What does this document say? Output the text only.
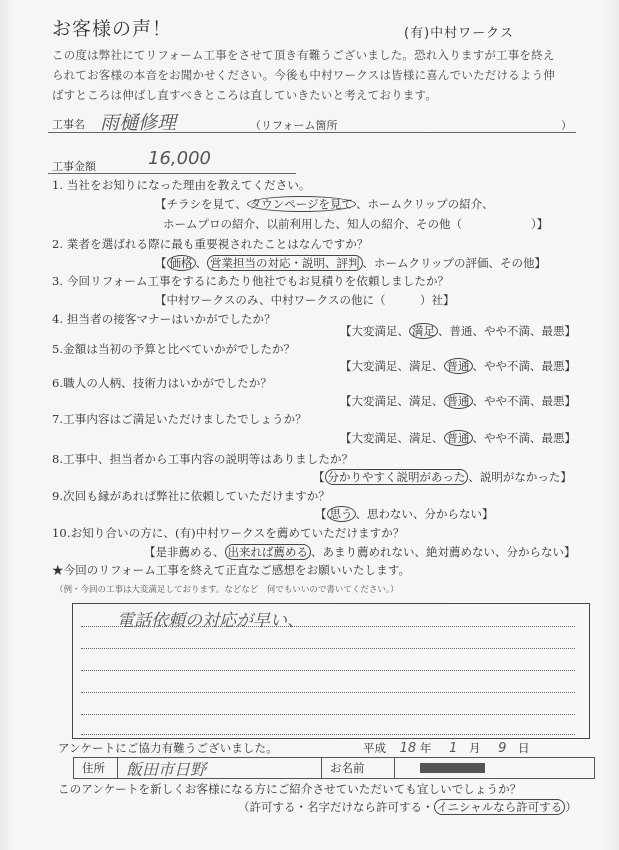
お客様の声！	(有)中村ワークス
この度は弊社にてリフォーム工事をさせて頂き有難うございました。恐れ入りますが工事を終え
られてお客様の本音をお聞かせください。今後も中村ワークスは皆様に喜んでいただけるよう伸
ばすところは伸ばし直すべきところは直していきたいと考えております。
工事名 雨樋修理	（リフォーム箇所	）
工事金額	16,000
1. 当社をお知りになった理由を教えてください。
【チラシを見て、 タウンページを見て 、ホームクリップの紹介、
ホームプロの紹介、以前利用した、知人の紹介、その他（　　　　　　）】
2. 業者を選ばれる際に最も重要視されたことはなんですか？
【 価格 、 営業担当の対応・説明、評判 、ホームクリップの評価、その他】
3. 今回リフォーム工事をするにあたり他社でもお見積りを依頼しましたか？
【中村ワークスのみ、中村ワークスの他に（　　　）社】
4. 担当者の接客マナーはいかがでしたか？
【大変満足、 満足 、普通、やや不満、最悪】
5.金額は当初の予算と比べていかがでしたか？
【大変満足、満足、 普通 、やや不満、最悪】
6.職人の人柄、技術力はいかがでしたか？
【大変満足、満足、 普通 、やや不満、最悪】
7.工事内容はご満足いただけましたでしょうか？
【大変満足、満足、 普通 、やや不満、最悪】
8.工事中、担当者から工事内容の説明等はありましたか？
【 分かりやすく説明があった 、説明がなかった】
9.次回も縁があれば弊社に依頼していただけますか？
【 思う 、思わない、分からない】
10.お知り合いの方に、(有)中村ワークスを薦めていただけますか？
【是非薦める、 出来れば薦める 、あまり薦めれない、絶対薦めない、分からない】
★今回のリフォーム工事を終えて正直なご感想をお願いいたします。
（例・今回の工事は大変満足しております。などなど　何でもいいので書いてください。）
電話依頼の対応が早い、
アンケートにご協力有難うございました。	平成 18 年 1 月 9 日
住所	飯田市日野	お名前
このアンケートを新しくお客様になる方にご紹介させていただいても宜しいでしょうか？
（許可する・名字だけなら許可する・ イニシャルなら許可する ）
